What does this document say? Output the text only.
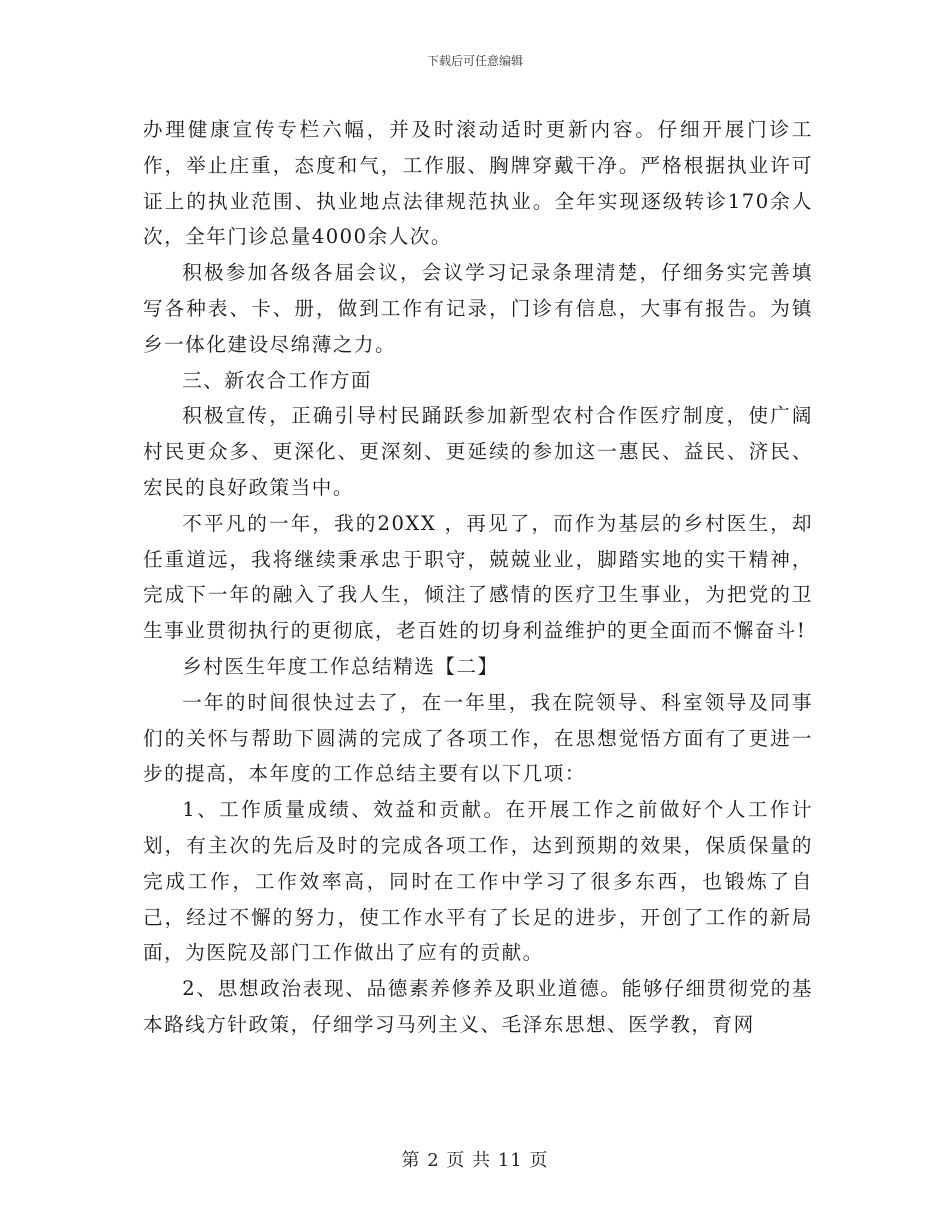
下载后可任意编辑

办理健康宣传专栏六幅，并及时滚动适时更新内容。仔细开展门诊工作，举止庄重，态度和气，工作服、胸牌穿戴干净。严格根据执业许可证上的执业范围、执业地点法律规范执业。全年实现逐级转诊170余人次，全年门诊总量4000余人次。

积极参加各级各届会议，会议学习记录条理清楚，仔细务实完善填写各种表、卡、册，做到工作有记录，门诊有信息，大事有报告。为镇乡一体化建设尽绵薄之力。

三、新农合工作方面

积极宣传，正确引导村民踊跃参加新型农村合作医疗制度，使广阔村民更众多、更深化、更深刻、更延续的参加这一惠民、益民、济民、宏民的良好政策当中。

不平凡的一年，我的20XX ，再见了，而作为基层的乡村医生，却任重道远，我将继续秉承忠于职守，兢兢业业，脚踏实地的实干精神，完成下一年的融入了我人生，倾注了感情的医疗卫生事业，为把党的卫生事业贯彻执行的更彻底，老百姓的切身利益维护的更全面而不懈奋斗!

乡村医生年度工作总结精选【二】

一年的时间很快过去了，在一年里，我在院领导、科室领导及同事们的关怀与帮助下圆满的完成了各项工作，在思想觉悟方面有了更进一步的提高，本年度的工作总结主要有以下几项：

1、工作质量成绩、效益和贡献。在开展工作之前做好个人工作计划，有主次的先后及时的完成各项工作，达到预期的效果，保质保量的完成工作，工作效率高，同时在工作中学习了很多东西，也锻炼了自己，经过不懈的努力，使工作水平有了长足的进步，开创了工作的新局面，为医院及部门工作做出了应有的贡献。

2、思想政治表现、品德素养修养及职业道德。能够仔细贯彻党的基本路线方针政策，仔细学习马列主义、毛泽东思想、医学教，育网

第 2 页 共 11 页
